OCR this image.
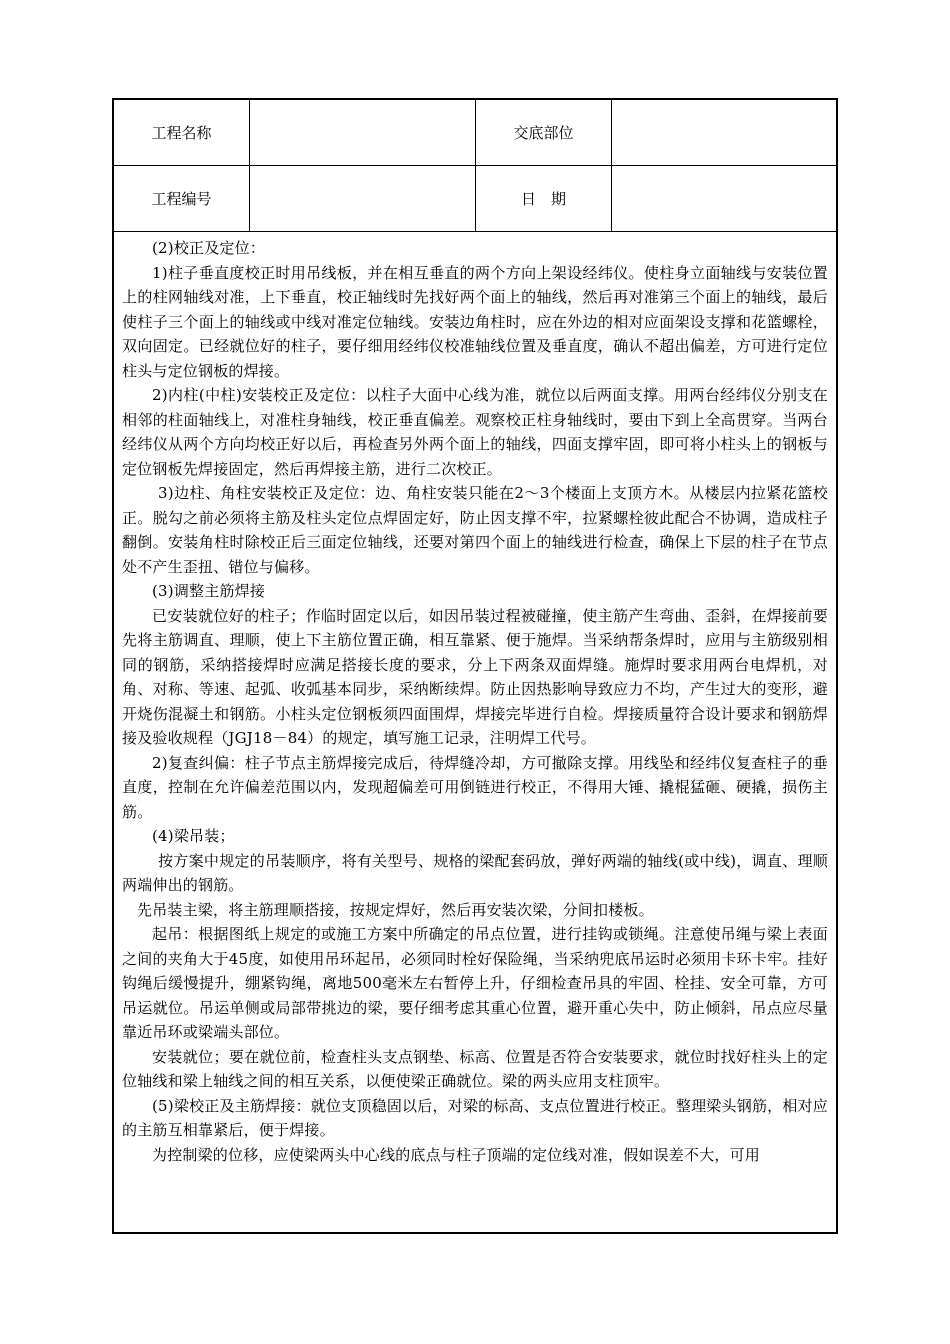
工程名称	交底部位
工程编号	日　期

(2)校正及定位：

1)柱子垂直度校正时用吊线板，并在相互垂直的两个方向上架设经纬仪。使柱身立面轴线与安装位置上的柱网轴线对准，上下垂直，校正轴线时先找好两个面上的轴线，然后再对准第三个面上的轴线，最后使柱子三个面上的轴线或中线对准定位轴线。安装边角柱时，应在外边的相对应面架设支撑和花篮螺栓，双向固定。已经就位好的柱子，要仔细用经纬仪校准轴线位置及垂直度，确认不超出偏差，方可进行定位柱头与定位钢板的焊接。

2)内柱(中柱)安装校正及定位：以柱子大面中心线为准，就位以后两面支撑。用两台经纬仪分别支在相邻的柱面轴线上，对准柱身轴线，校正垂直偏差。观察校正柱身轴线时，要由下到上全高贯穿。当两台经纬仪从两个方向均校正好以后，再检查另外两个面上的轴线，四面支撑牢固，即可将小柱头上的钢板与定位钢板先焊接固定，然后再焊接主筋，进行二次校正。

3)边柱、角柱安装校正及定位：边、角柱安装只能在2～3个楼面上支顶方木。从楼层内拉紧花篮校正。脱勾之前必须将主筋及柱头定位点焊固定好，防止因支撑不牢，拉紧螺栓彼此配合不协调，造成柱子翻倒。安装角柱时除校正后三面定位轴线，还要对第四个面上的轴线进行检查，确保上下层的柱子在节点处不产生歪扭、错位与偏移。

(3)调整主筋焊接

已安装就位好的柱子；作临时固定以后，如因吊装过程被碰撞，使主筋产生弯曲、歪斜，在焊接前要先将主筋调直、理顺，使上下主筋位置正确，相互靠紧、便于施焊。当采纳帮条焊时，应用与主筋级别相同的钢筋，采纳搭接焊时应满足搭接长度的要求，分上下两条双面焊缝。施焊时要求用两台电焊机，对角、对称、等速、起弧、收弧基本同步，采纳断续焊。防止因热影响导致应力不均，产生过大的变形，避开烧伤混凝土和钢筋。小柱头定位钢板须四面围焊，焊接完毕进行自检。焊接质量符合设计要求和钢筋焊接及验收规程（JGJ18－84）的规定，填写施工记录，注明焊工代号。

2)复查纠偏：柱子节点主筋焊接完成后，待焊缝冷却，方可撤除支撑。用线坠和经纬仪复查柱子的垂直度，控制在允许偏差范围以内，发现超偏差可用倒链进行校正，不得用大锤、撬棍猛砸、硬撬，损伤主筋。

(4)梁吊装；

按方案中规定的吊装顺序，将有关型号、规格的梁配套码放，弹好两端的轴线(或中线)，调直、理顺两端伸出的钢筋。

先吊装主梁，将主筋理顺搭接，按规定焊好，然后再安装次梁，分间扣楼板。

起吊：根据图纸上规定的或施工方案中所确定的吊点位置，进行挂钩或锁绳。注意使吊绳与梁上表面之间的夹角大于45度，如使用吊环起吊，必须同时栓好保险绳，当采纳兜底吊运时必须用卡环卡牢。挂好钩绳后缓慢提升，绷紧钩绳，离地500毫米左右暂停上升，仔细检查吊具的牢固、栓挂、安全可靠，方可吊运就位。吊运单侧或局部带挑边的梁，要仔细考虑其重心位置，避开重心失中，防止倾斜，吊点应尽量靠近吊环或梁端头部位。

安装就位；要在就位前，检查柱头支点钢垫、标高、位置是否符合安装要求，就位时找好柱头上的定位轴线和梁上轴线之间的相互关系，以便使梁正确就位。梁的两头应用支柱顶牢。

(5)梁校正及主筋焊接：就位支顶稳固以后，对梁的标高、支点位置进行校正。整理梁头钢筋，相对应的主筋互相靠紧后，便于焊接。

为控制梁的位移，应使梁两头中心线的底点与柱子顶端的定位线对准，假如误差不大，可用
